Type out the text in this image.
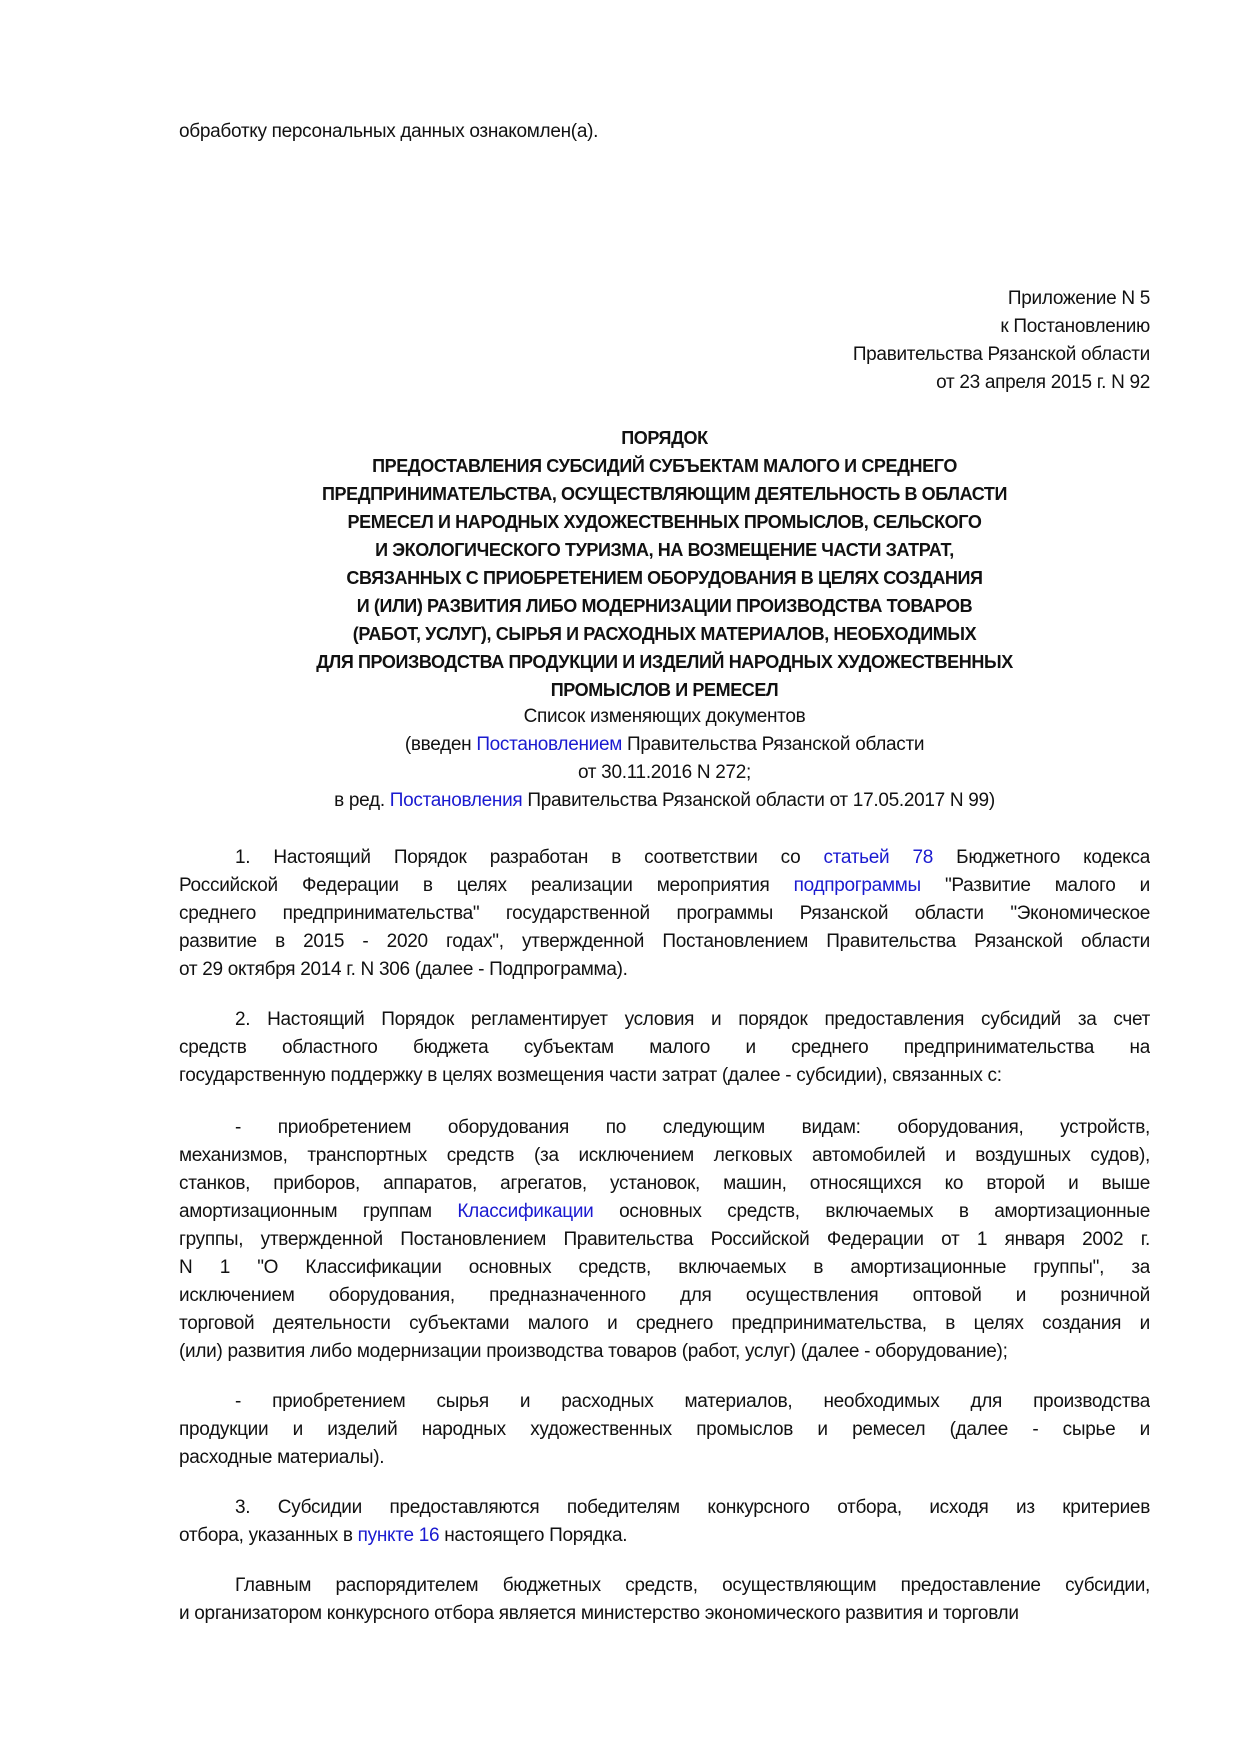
обработку персональных данных ознакомлен(а).
Приложение N 5
к Постановлению
Правительства Рязанской области
от 23 апреля 2015 г. N 92
ПОРЯДОК
ПРЕДОСТАВЛЕНИЯ СУБСИДИЙ СУБЪЕКТАМ МАЛОГО И СРЕДНЕГО
ПРЕДПРИНИМАТЕЛЬСТВА, ОСУЩЕСТВЛЯЮЩИМ ДЕЯТЕЛЬНОСТЬ В ОБЛАСТИ
РЕМЕСЕЛ И НАРОДНЫХ ХУДОЖЕСТВЕННЫХ ПРОМЫСЛОВ, СЕЛЬСКОГО
И ЭКОЛОГИЧЕСКОГО ТУРИЗМА, НА ВОЗМЕЩЕНИЕ ЧАСТИ ЗАТРАТ,
СВЯЗАННЫХ С ПРИОБРЕТЕНИЕМ ОБОРУДОВАНИЯ В ЦЕЛЯХ СОЗДАНИЯ
И (ИЛИ) РАЗВИТИЯ ЛИБО МОДЕРНИЗАЦИИ ПРОИЗВОДСТВА ТОВАРОВ
(РАБОТ, УСЛУГ), СЫРЬЯ И РАСХОДНЫХ МАТЕРИАЛОВ, НЕОБХОДИМЫХ
ДЛЯ ПРОИЗВОДСТВА ПРОДУКЦИИ И ИЗДЕЛИЙ НАРОДНЫХ ХУДОЖЕСТВЕННЫХ
ПРОМЫСЛОВ И РЕМЕСЕЛ
Список изменяющих документов
(введен Постановлением Правительства Рязанской области
от 30.11.2016 N 272;
в ред. Постановления Правительства Рязанской области от 17.05.2017 N 99)
1. Настоящий Порядок разработан в соответствии со статьей 78 Бюджетного кодекса
Российской Федерации в целях реализации мероприятия подпрограммы "Развитие малого и
среднего предпринимательства" государственной программы Рязанской области "Экономическое
развитие в 2015 - 2020 годах", утвержденной Постановлением Правительства Рязанской области
от 29 октября 2014 г. N 306 (далее - Подпрограмма).
2. Настоящий Порядок регламентирует условия и порядок предоставления субсидий за счет
средств областного бюджета субъектам малого и среднего предпринимательства на
государственную поддержку в целях возмещения части затрат (далее - субсидии), связанных с:
- приобретением оборудования по следующим видам: оборудования, устройств,
механизмов, транспортных средств (за исключением легковых автомобилей и воздушных судов),
станков, приборов, аппаратов, агрегатов, установок, машин, относящихся ко второй и выше
амортизационным группам Классификации основных средств, включаемых в амортизационные
группы, утвержденной Постановлением Правительства Российской Федерации от 1 января 2002 г.
N 1 "О Классификации основных средств, включаемых в амортизационные группы", за
исключением оборудования, предназначенного для осуществления оптовой и розничной
торговой деятельности субъектами малого и среднего предпринимательства, в целях создания и
(или) развития либо модернизации производства товаров (работ, услуг) (далее - оборудование);
- приобретением сырья и расходных материалов, необходимых для производства
продукции и изделий народных художественных промыслов и ремесел (далее - сырье и
расходные материалы).
3. Субсидии предоставляются победителям конкурсного отбора, исходя из критериев
отбора, указанных в пункте 16 настоящего Порядка.
Главным распорядителем бюджетных средств, осуществляющим предоставление субсидии,
и организатором конкурсного отбора является министерство экономического развития и торговли
